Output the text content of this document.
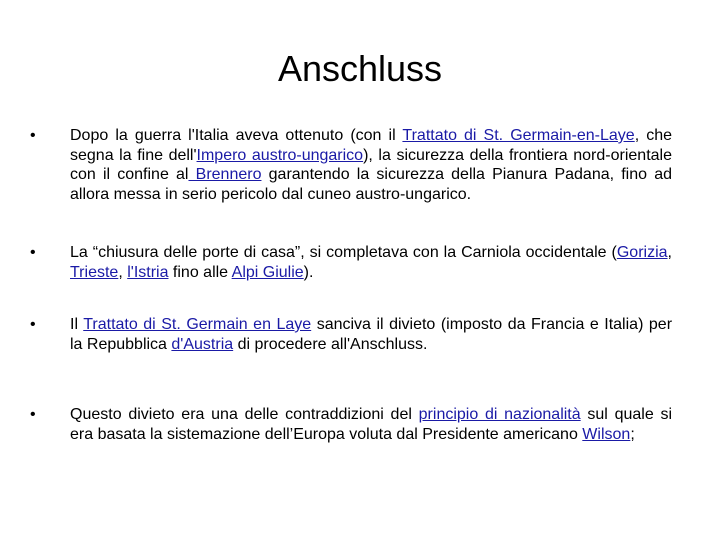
Anschluss
•	Dopo la guerra l'Italia aveva ottenuto (con il Trattato di St. Germain-en-Laye, che segna la fine dell'Impero austro-ungarico), la sicurezza della frontiera nord-orientale con il confine al Brennero garantendo la sicurezza della Pianura Padana, fino ad allora messa in serio pericolo dal cuneo austro-ungarico.

•	La “chiusura delle porte di casa”, si completava con la Carniola occidentale (Gorizia, Trieste, l'Istria fino alle Alpi Giulie).

•	Il Trattato di St. Germain en Laye sanciva il divieto (imposto da Francia e Italia) per la Repubblica d'Austria di procedere all'Anschluss.

•	Questo divieto era una delle contraddizioni del principio di nazionalità sul quale si era basata la sistemazione dell’Europa voluta dal Presidente americano Wilson;
